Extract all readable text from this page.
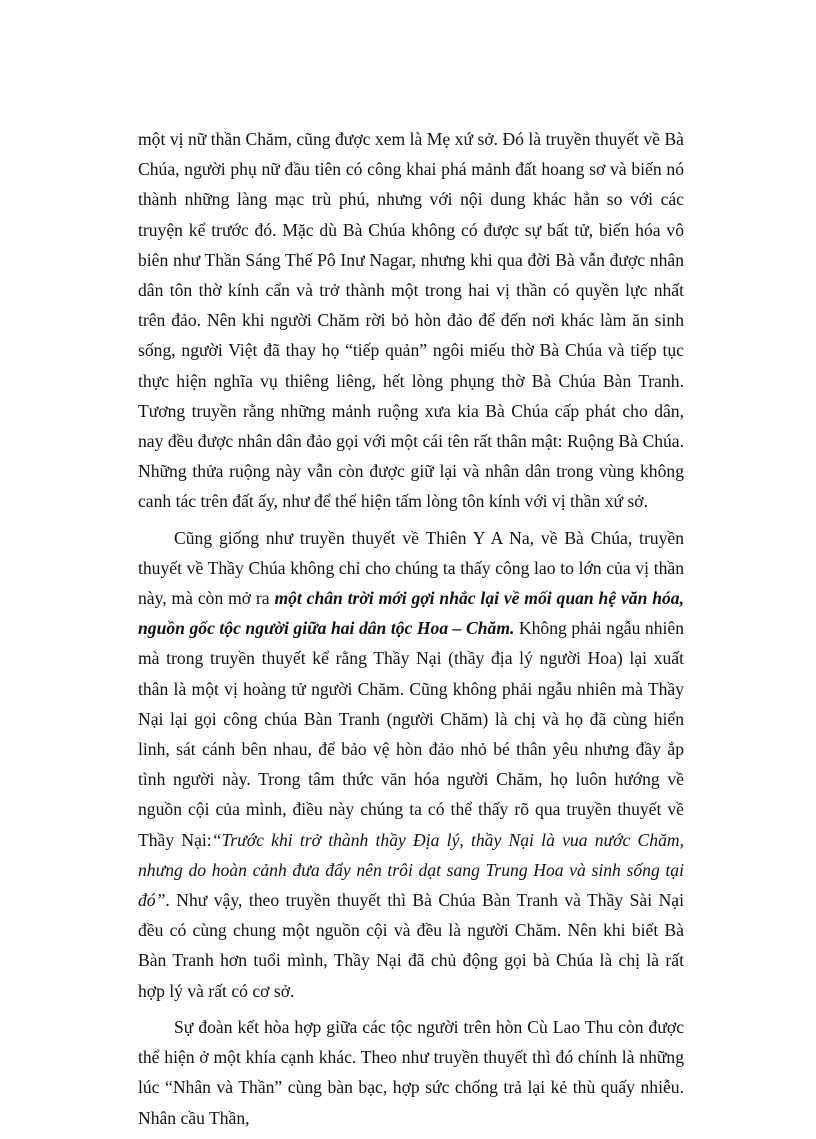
một vị nữ thần Chăm, cũng được xem là Mẹ xứ sở. Đó là truyền thuyết về Bà Chúa, người phụ nữ đầu tiên có công khai phá mảnh đất hoang sơ và biến nó thành những làng mạc trù phú, nhưng với nội dung khác hẳn so với các truyện kể trước đó. Mặc dù Bà Chúa không có được sự bất tử, biến hóa vô biên như Thần Sáng Thế Pô Inư Nagar, nhưng khi qua đời Bà vẫn được nhân dân tôn thờ kính cẩn và trở thành một trong hai vị thần có quyền lực nhất trên đảo. Nên khi người Chăm rời bỏ hòn đảo để đến nơi khác làm ăn sinh sống, người Việt đã thay họ “tiếp quản” ngôi miếu thờ Bà Chúa và tiếp tục thực hiện nghĩa vụ thiêng liêng, hết lòng phụng thờ Bà Chúa Bàn Tranh. Tương truyền rằng những mảnh ruộng xưa kia Bà Chúa cấp phát cho dân, nay đều được nhân dân đảo gọi với một cái tên rất thân mật: Ruộng Bà Chúa. Những thửa ruộng này vẫn còn được giữ lại và nhân dân trong vùng không canh tác trên đất ấy, như để thể hiện tấm lòng tôn kính với vị thần xứ sở.

Cũng giống như truyền thuyết về Thiên Y A Na, về Bà Chúa, truyền thuyết về Thầy Chúa không chỉ cho chúng ta thấy công lao to lớn của vị thần này, mà còn mở ra một chân trời mới gợi nhắc lại về mối quan hệ văn hóa, nguồn gốc tộc người giữa hai dân tộc Hoa – Chăm. Không phải ngẫu nhiên mà trong truyền thuyết kể rằng Thầy Nại (thầy địa lý người Hoa) lại xuất thân là một vị hoàng tử người Chăm. Cũng không phải ngẫu nhiên mà Thầy Nại lại gọi công chúa Bàn Tranh (người Chăm) là chị và họ đã cùng hiển linh, sát cánh bên nhau, để bảo vệ hòn đảo nhỏ bé thân yêu nhưng đầy ắp tình người này. Trong tâm thức văn hóa người Chăm, họ luôn hướng về nguồn cội của mình, điều này chúng ta có thể thấy rõ qua truyền thuyết về Thầy Nại:“Trước khi trở thành thầy Địa lý, thầy Nại là vua nước Chăm, nhưng do hoàn cảnh đưa đẩy nên trôi dạt sang Trung Hoa và sinh sống tại đó”. Như vậy, theo truyền thuyết thì Bà Chúa Bàn Tranh và Thầy Sài Nại đều có cùng chung một nguồn cội và đều là người Chăm. Nên khi biết Bà Bàn Tranh hơn tuổi mình, Thầy Nại đã chủ động gọi bà Chúa là chị là rất hợp lý và rất có cơ sở.

Sự đoàn kết hòa hợp giữa các tộc người trên hòn Cù Lao Thu còn được thể hiện ở một khía cạnh khác. Theo như truyền thuyết thì đó chính là những lúc “Nhân và Thần” cùng bàn bạc, hợp sức chống trả lại kẻ thù quấy nhiễu. Nhân cầu Thần,
